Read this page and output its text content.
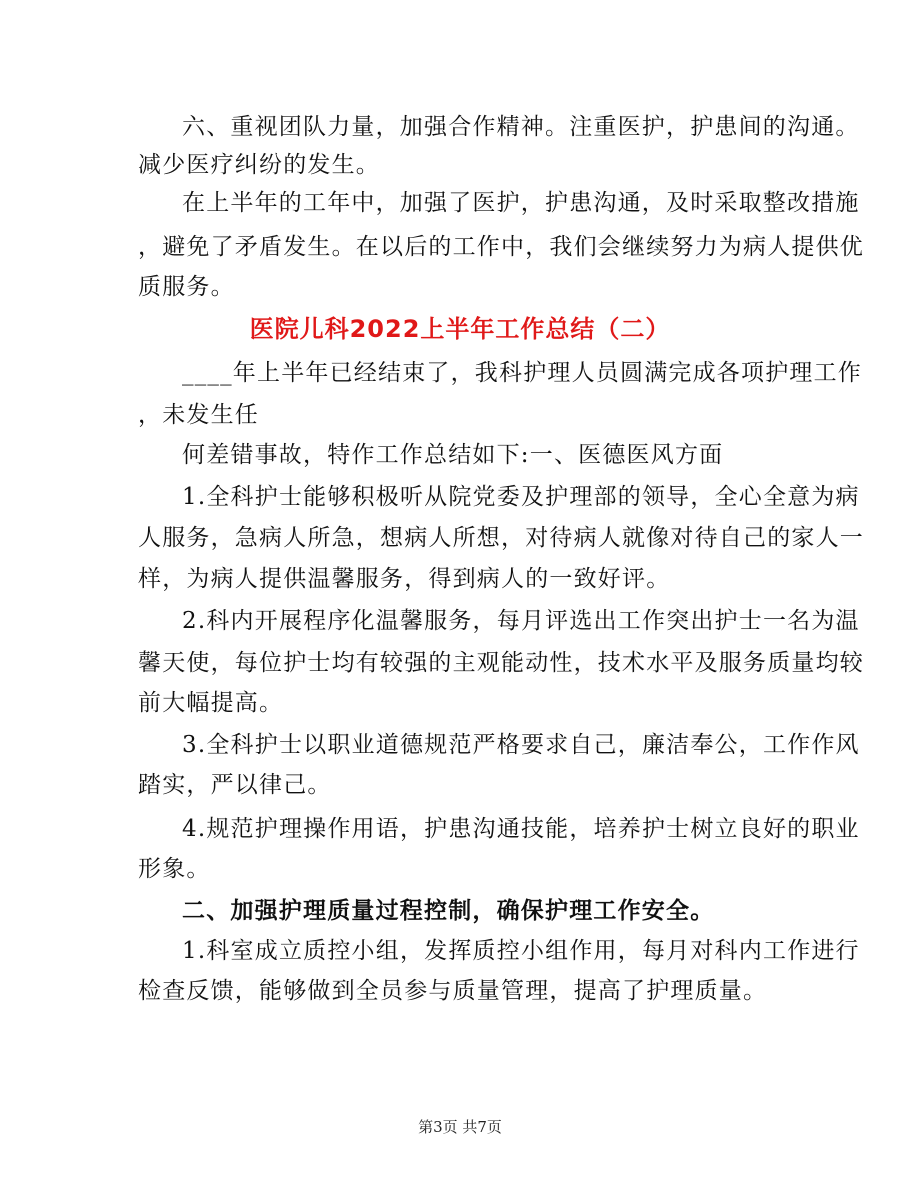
六、重视团队力量，加强合作精神。注重医护，护患间的沟通。
减少医疗纠纷的发生。
在上半年的工年中，加强了医护，护患沟通，及时采取整改措施
，避免了矛盾发生。在以后的工作中，我们会继续努力为病人提供优
质服务。
医院儿科2022上半年工作总结（二）
____年上半年已经结束了，我科护理人员圆满完成各项护理工作
，未发生任
何差错事故，特作工作总结如下:一、医德医风方面
1.全科护士能够积极听从院党委及护理部的领导，全心全意为病
人服务，急病人所急，想病人所想，对待病人就像对待自己的家人一
样，为病人提供温馨服务，得到病人的一致好评。
2.科内开展程序化温馨服务，每月评选出工作突出护士一名为温
馨天使，每位护士均有较强的主观能动性，技术水平及服务质量均较
前大幅提高。
3.全科护士以职业道德规范严格要求自己，廉洁奉公，工作作风
踏实，严以律己。
4.规范护理操作用语，护患沟通技能，培养护士树立良好的职业
形象。
二、加强护理质量过程控制，确保护理工作安全。
1.科室成立质控小组，发挥质控小组作用，每月对科内工作进行
检查反馈，能够做到全员参与质量管理，提高了护理质量。
第3页 共7页
